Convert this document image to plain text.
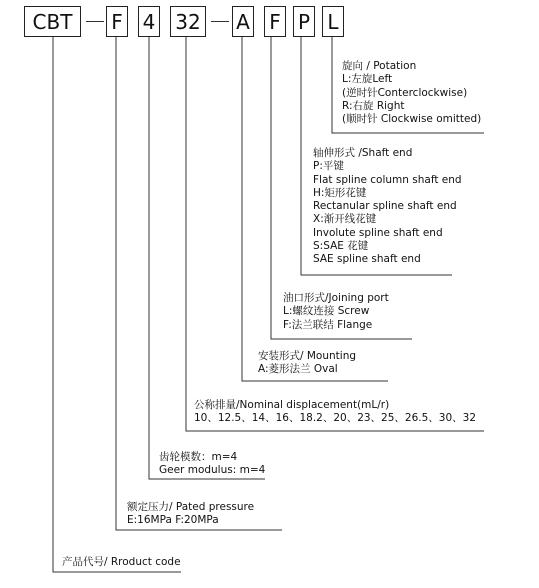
CBT	F 4 32 A F P L
旋向 / Potation
L:左旋Left
(逆时针Conterclockwise)
R:右旋 Right
(顺时针 Clockwise omitted)
轴伸形式 /Shaft end
P:平键
Flat spline column shaft end
H:矩形花键
Rectanular spline shaft end
X:渐开线花键
Involute spline shaft end
S:SAE 花键
SAE spline shaft end
油口形式/Joining port
L:螺纹连接 Screw
F:法兰联结 Flange
安装形式/ Mounting
A:菱形法兰 Oval
公称排量/Nominal displacement(mL/r)
10、12.5、14、16、18.2、20、23、25、26.5、30、32
齿轮模数：m=4
Geer modulus: m=4
额定压力/ Pated pressure
E:16MPa F:20MPa
产品代号/ Rroduct code
